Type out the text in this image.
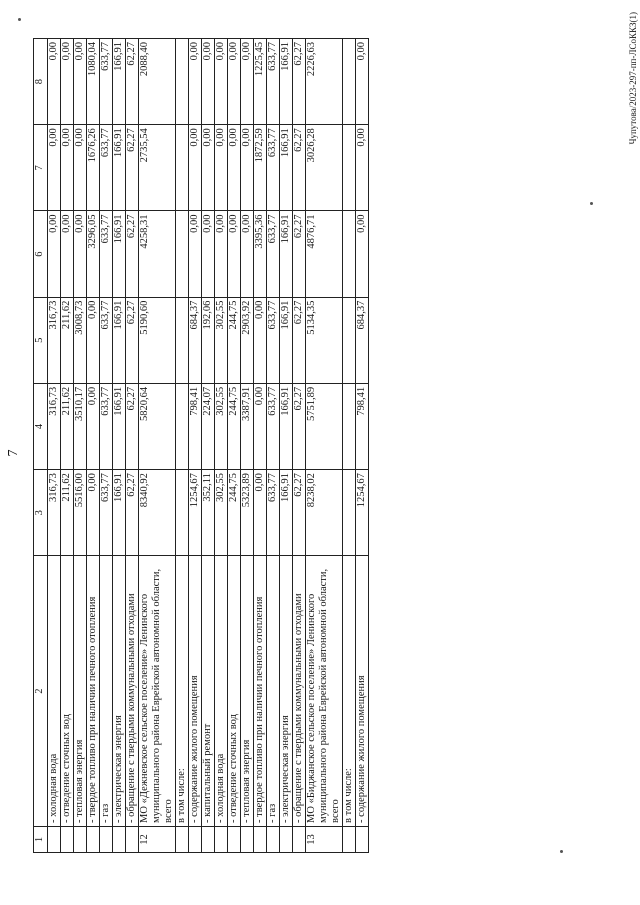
7
1	2	3	4	5	6	7	8
	- холодная вода	316,73	316,73	316,73	0,00	0,00	0,00
	- отведение сточных вод	211,62	211,62	211,62	0,00	0,00	0,00
	- тепловая энергия	5516,00	3510,17	3008,73	0,00	0,00	0,00
	- твердое топливо при наличии печного отопления	0,00	0,00	0,00	3296,05	1676,26	1080,04
	- газ	633,77	633,77	633,77	633,77	633,77	633,77
	- электрическая энергия	166,91	166,91	166,91	166,91	166,91	166,91
	- обращение с твердыми коммунальными отходами	62,27	62,27	62,27	62,27	62,27	62,27
12	МО «Дежневское сельское поселение» Ленинского муниципального района Еврейской автономной области, всего	8340,92	5820,64	5190,60	4258,31	2735,54	2088,40
	в том числе:						
	- содержание жилого помещения	1254,67	798,41	684,37	0,00	0,00	0,00
	- капитальный ремонт	352,11	224,07	192,06	0,00	0,00	0,00
	- холодная вода	302,55	302,55	302,55	0,00	0,00	0,00
	- отведение сточных вод	244,75	244,75	244,75	0,00	0,00	0,00
	- тепловая энергия	5323,89	3387,91	2903,92	0,00	0,00	0,00
	- твердое топливо при наличии печного отопления	0,00	0,00	0,00	3395,36	1872,59	1225,45
	- газ	633,77	633,77	633,77	633,77	633,77	633,77
	- электрическая энергия	166,91	166,91	166,91	166,91	166,91	166,91
	- обращение с твердыми коммунальными отходами	62,27	62,27	62,27	62,27	62,27	62,27
13	МО «Биджанское сельское поселение» Ленинского муниципального района Еврейской автономной области, всего	8238,02	5751,89	5134,35	4876,71	3026,28	2226,63
	в том числе:						
	- содержание жилого помещения	1254,67	798,41	684,37	0,00	0,00	0,00	Чупутова/2023-297-пп-ЛСоККЗ(1)
